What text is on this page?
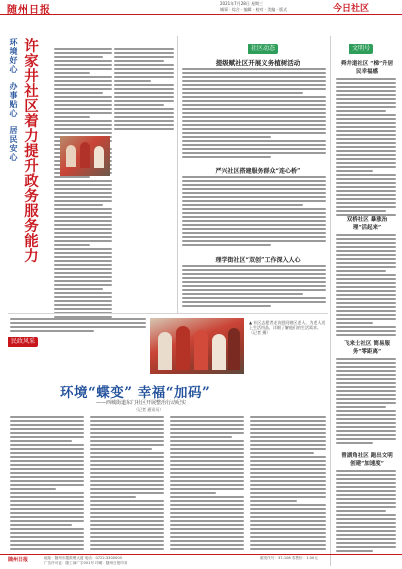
随州日报
2021年7月28日 星期三
城事 · 综合 · 编辑 · 校对 · 美编 · 版式	今日社区
环境好心
办事贴心
居民安心 许家井社区着力提升政务服务能力	社区动态
提级赋社区开展义务植树活动
严兴社区搭建服务群众“连心桥”
理学街社区“双创”工作深入人心
文明号
舜井道社区 “梯”升居民幸福感
双桥社区 暴涨治理“活起来”
飞来士社区 简易服务“零距离”
曾湖角社区 跑出文明创建“加速度”
民政风采
▲ 社区志愿者走访慰问辖区老人，为老人送上生活用品，详细了解他们的生活需求。（记者 摄）
环境“蝶变” 幸福“加码”
——西城街道东门社区开展整治行动纪实
（记者 通讯员）
随州日报	地址：随州市擂鼓墩大道 电话：0722-3300000
广告许可证：随工商广字001号 印刷：随州日报印务
邮发代号：37-108 零售价：1.00元
